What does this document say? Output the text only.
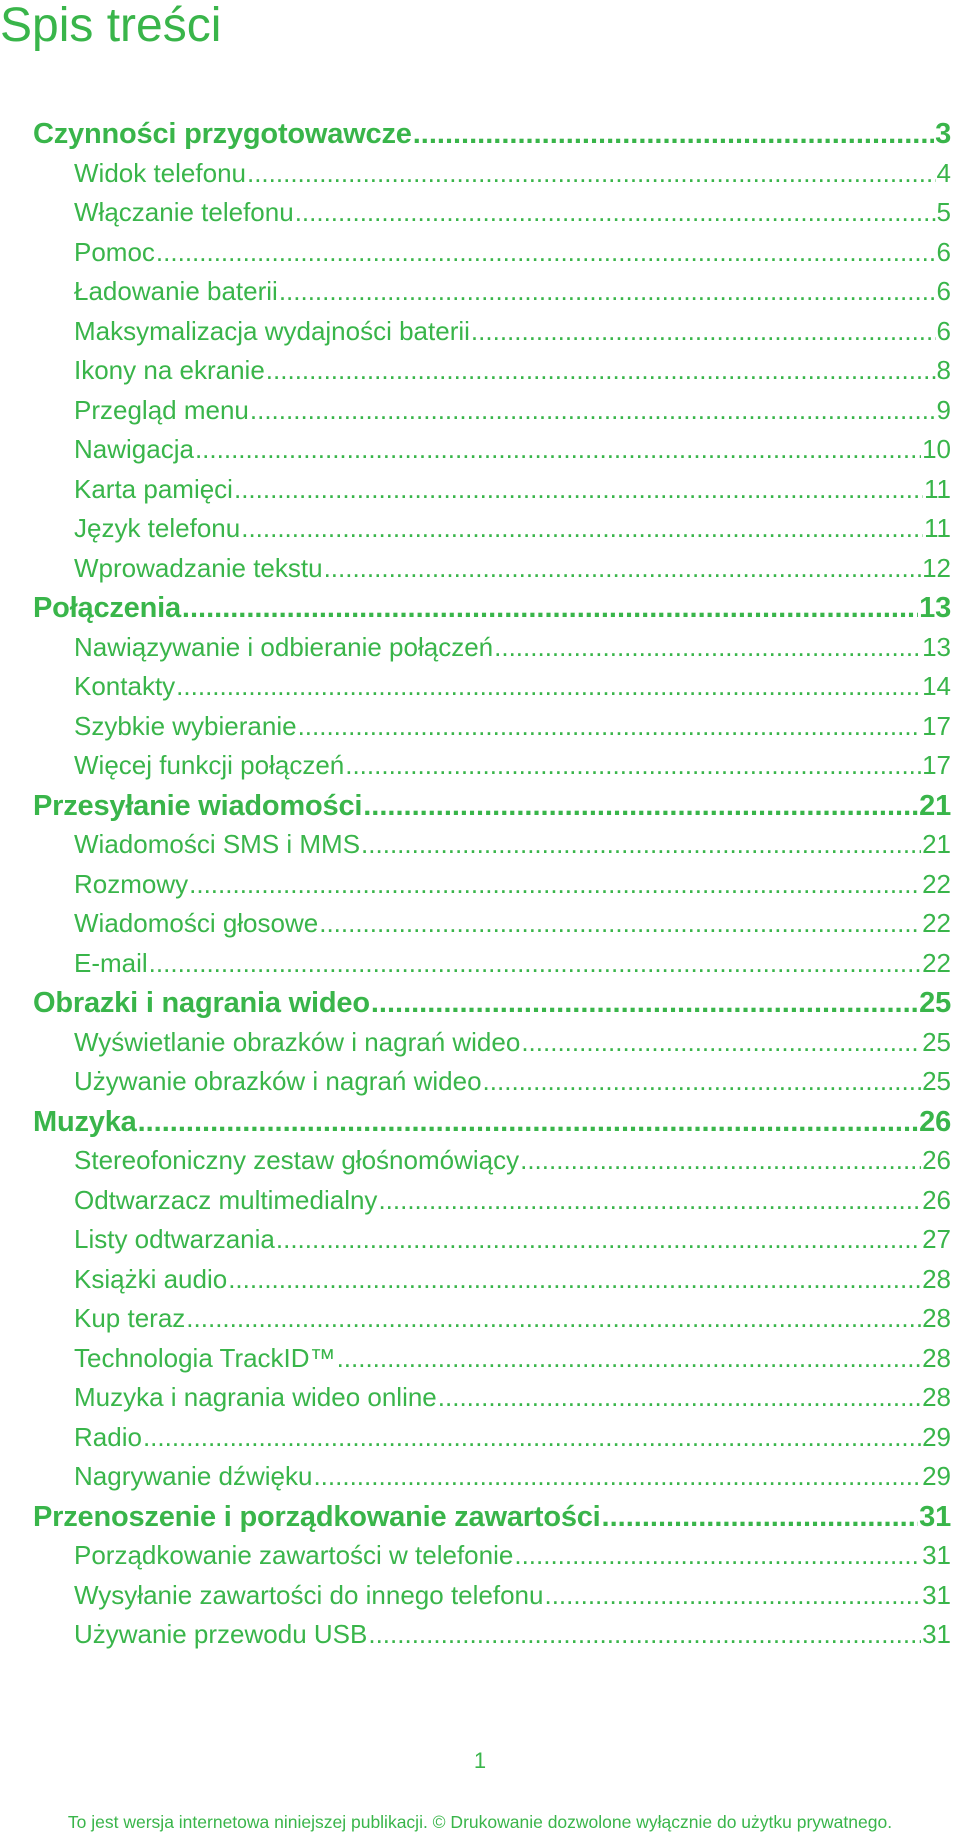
Spis treści
Czynności przygotowawcze .....	3
Widok telefonu .....	4
Włączanie telefonu .....	5
Pomoc .....	6
Ładowanie baterii .....	6
Maksymalizacja wydajności baterii .....	6
Ikony na ekranie .....	8
Przegląd menu .....	9
Nawigacja .....	10
Karta pamięci .....	11
Język telefonu .....	11
Wprowadzanie tekstu .....	12
Połączenia .....	13
Nawiązywanie i odbieranie połączeń .....	13
Kontakty .....	14
Szybkie wybieranie .....	17
Więcej funkcji połączeń .....	17
Przesyłanie wiadomości .....	21
Wiadomości SMS i MMS .....	21
Rozmowy .....	22
Wiadomości głosowe .....	22
E-mail .....	22
Obrazki i nagrania wideo .....	25
Wyświetlanie obrazków i nagrań wideo .....	25
Używanie obrazków i nagrań wideo .....	25
Muzyka .....	26
Stereofoniczny zestaw głośnomówiący .....	26
Odtwarzacz multimedialny .....	26
Listy odtwarzania .....	27
Książki audio .....	28
Kup teraz .....	28
Technologia TrackID™ .....	28
Muzyka i nagrania wideo online .....	28
Radio .....	29
Nagrywanie dźwięku .....	29
Przenoszenie i porządkowanie zawartości .....	31
Porządkowanie zawartości w telefonie .....	31
Wysyłanie zawartości do innego telefonu .....	31
Używanie przewodu USB .....	31
1
To jest wersja internetowa niniejszej publikacji. © Drukowanie dozwolone wyłącznie do użytku prywatnego.
